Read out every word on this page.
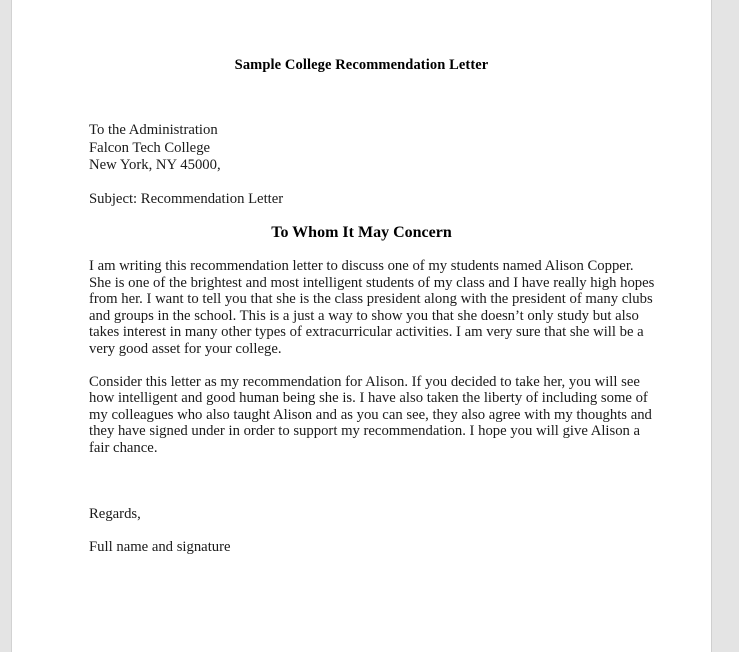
Sample College Recommendation Letter
To the Administration
Falcon Tech College
New York, NY 45000,
Subject: Recommendation Letter
To Whom It May Concern

I am writing this recommendation letter to discuss one of my students named Alison Copper. She is one of the brightest and most intelligent students of my class and I have really high hopes from her. I want to tell you that she is the class president along with the president of many clubs and groups in the school. This is a just a way to show you that she doesn’t only study but also takes interest in many other types of extracurricular activities. I am very sure that she will be a very good asset for your college.

Consider this letter as my recommendation for Alison. If you decided to take her, you will see how intelligent and good human being she is. I have also taken the liberty of including some of my colleagues who also taught Alison and as you can see, they also agree with my thoughts and they have signed under in order to support my recommendation. I hope you will give Alison a fair chance.

Regards,
Full name and signature
